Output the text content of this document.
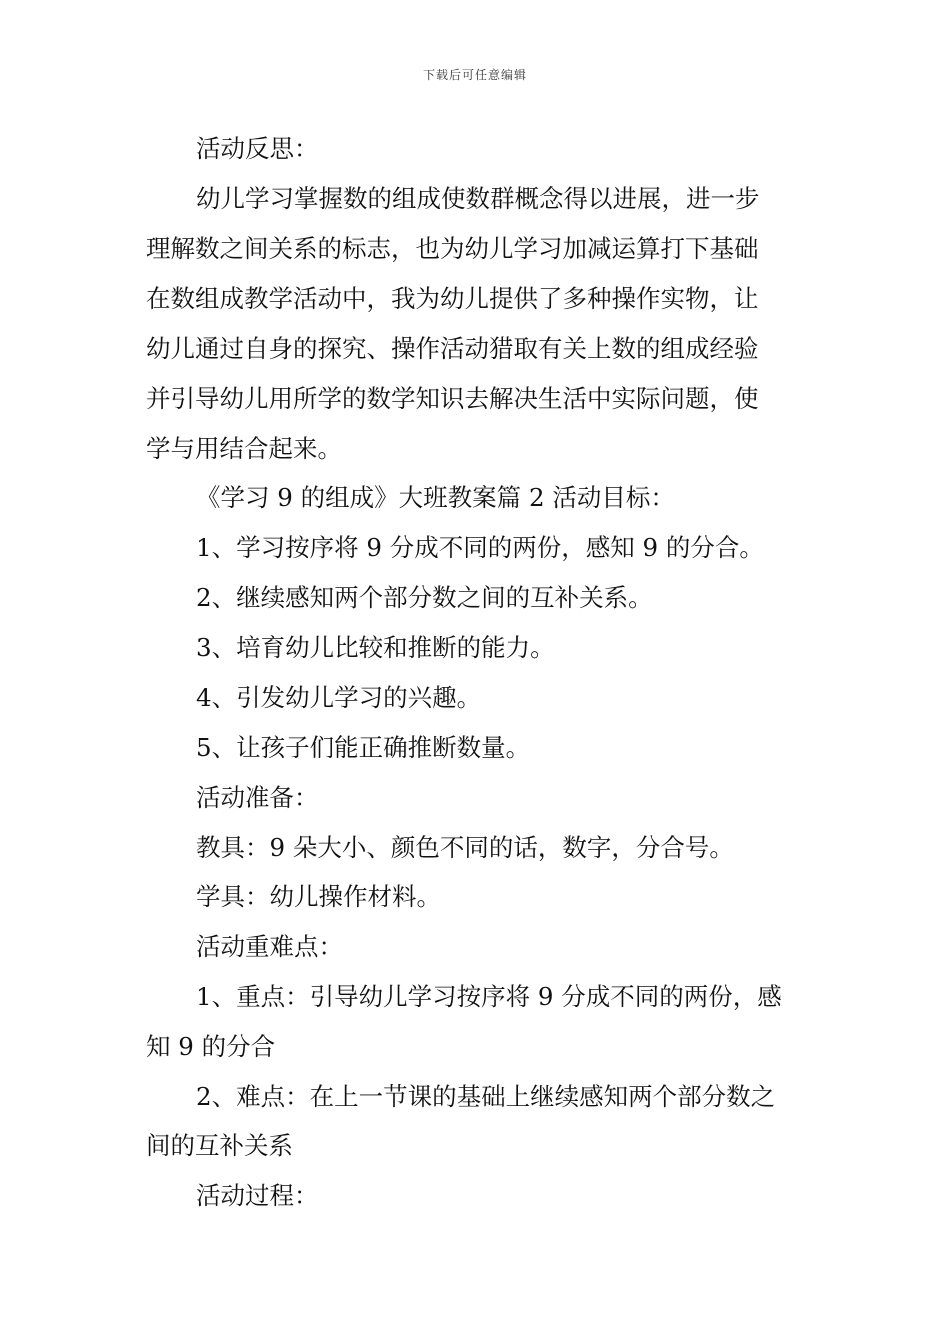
下载后可任意编辑
活动反思：
幼儿学习掌握数的组成使数群概念得以进展，进一步
理解数之间关系的标志，也为幼儿学习加减运算打下基础
在数组成教学活动中，我为幼儿提供了多种操作实物，让
幼儿通过自身的探究、操作活动猎取有关上数的组成经验
并引导幼儿用所学的数学知识去解决生活中实际问题，使
学与用结合起来。
《学习 9 的组成》大班教案篇 2 活动目标：
1、学习按序将 9 分成不同的两份，感知 9 的分合。
2、继续感知两个部分数之间的互补关系。
3、培育幼儿比较和推断的能力。
4、引发幼儿学习的兴趣。
5、让孩子们能正确推断数量。
活动准备：
教具：9 朵大小、颜色不同的话，数字，分合号。
学具：幼儿操作材料。
活动重难点：
1、重点：引导幼儿学习按序将 9 分成不同的两份，感
知 9 的分合
2、难点：在上一节课的基础上继续感知两个部分数之
间的互补关系
活动过程：
